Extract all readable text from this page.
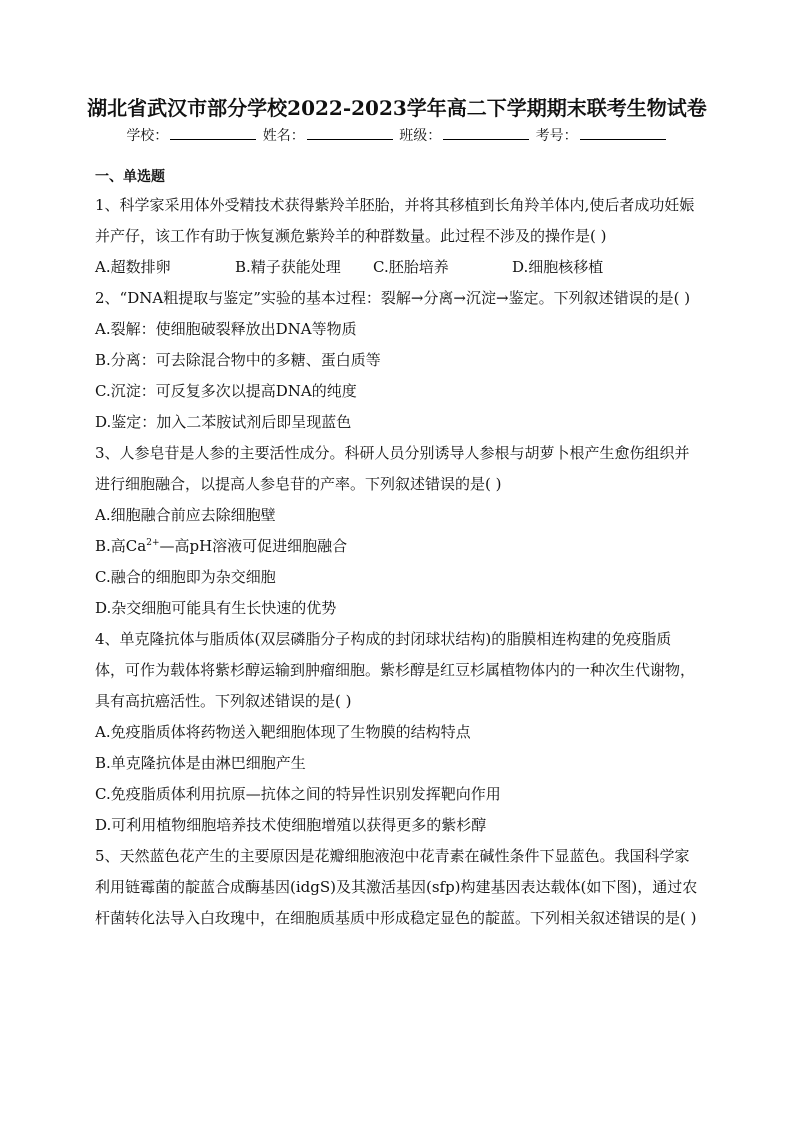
湖北省武汉市部分学校2022-2023学年高二下学期期末联考生物试卷
学校：	姓名：	班级：	考号：
一、单选题

1、科学家采用体外受精技术获得紫羚羊胚胎，并将其移植到长角羚羊体内,使后者成功妊娠并产仔，该工作有助于恢复濒危紫羚羊的种群数量。此过程不涉及的操作是( )

A.超数排卵	B.精子获能处理	C.胚胎培养	D.细胞核移植

2、“DNA粗提取与鉴定”实验的基本过程：裂解→分离→沉淀→鉴定。下列叙述错误的是( )

A.裂解：使细胞破裂释放出DNA等物质

B.分离：可去除混合物中的多糖、蛋白质等

C.沉淀：可反复多次以提高DNA的纯度

D.鉴定：加入二苯胺试剂后即呈现蓝色

3、人参皂苷是人参的主要活性成分。科研人员分别诱导人参根与胡萝卜根产生愈伤组织并进行细胞融合，以提高人参皂苷的产率。下列叙述错误的是( )

A.细胞融合前应去除细胞壁

B.高$Ca^{2+}—$高pH溶液可促进细胞融合

C.融合的细胞即为杂交细胞

D.杂交细胞可能具有生长快速的优势

4、单克隆抗体与脂质体(双层磷脂分子构成的封闭球状结构)的脂膜相连构建的免疫脂质体，可作为载体将紫杉醇运输到肿瘤细胞。紫杉醇是红豆杉属植物体内的一种次生代谢物，具有高抗癌活性。下列叙述错误的是( )

A.免疫脂质体将药物送入靶细胞体现了生物膜的结构特点

B.单克隆抗体是由淋巴细胞产生

C.免疫脂质体利用抗原—抗体之间的特异性识别发挥靶向作用

D.可利用植物细胞培养技术使细胞增殖以获得更多的紫杉醇

5、天然蓝色花产生的主要原因是花瓣细胞液泡中花青素在碱性条件下显蓝色。我国科学家利用链霉菌的靛蓝合成酶基因(idgS)及其激活基因(sfp)构建基因表达载体(如下图)，通过农杆菌转化法导入白玫瑰中，在细胞质基质中形成稳定显色的靛蓝。下列相关叙述错误的是( )
